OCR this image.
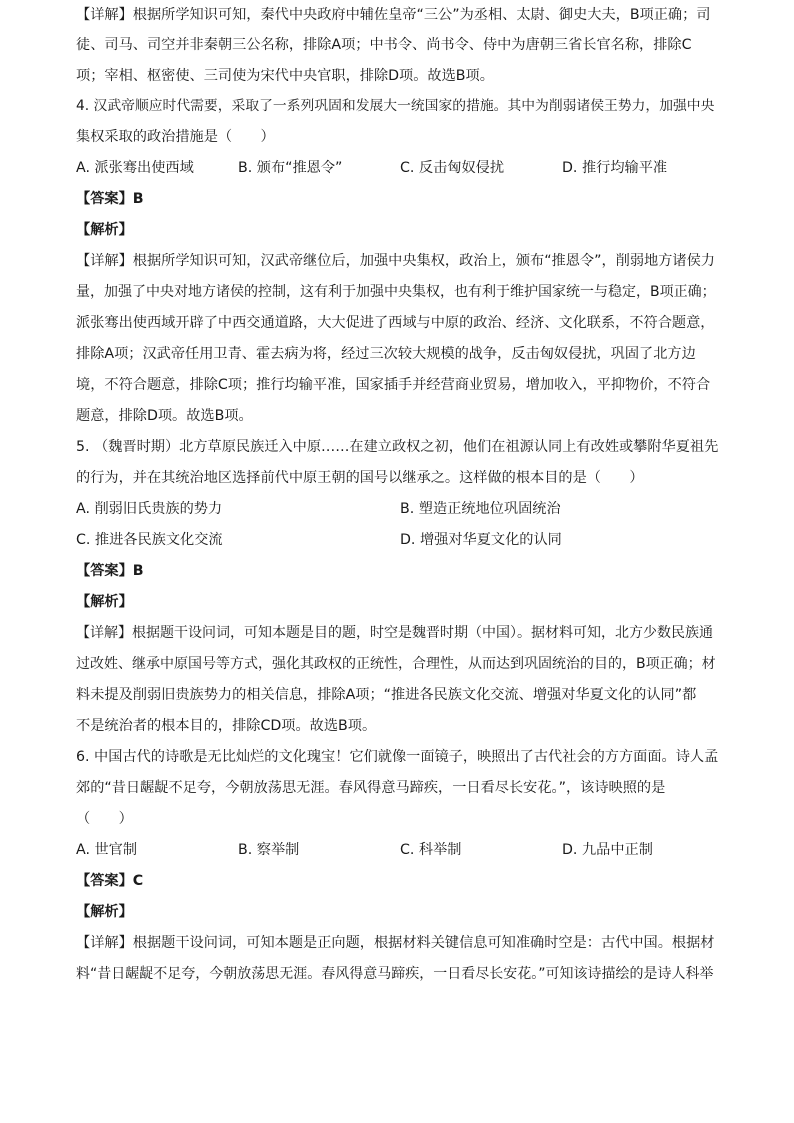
【详解】根据所学知识可知，秦代中央政府中辅佐皇帝“三公”为丞相、太尉、御史大夫，B项正确；司
徒、司马、司空并非秦朝三公名称，排除A项；中书令、尚书令、侍中为唐朝三省长官名称，排除C
项；宰相、枢密使、三司使为宋代中央官职，排除D项。故选B项。
4. 汉武帝顺应时代需要，采取了一系列巩固和发展大一统国家的措施。其中为削弱诸侯王势力，加强中央
集权采取的政治措施是（　　）
A. 派张骞出使西域	B. 颁布“推恩令”	C. 反击匈奴侵扰	D. 推行均输平准
【答案】B
【解析】
【详解】根据所学知识可知，汉武帝继位后，加强中央集权，政治上，颁布“推恩令”，削弱地方诸侯力
量，加强了中央对地方诸侯的控制，这有利于加强中央集权，也有利于维护国家统一与稳定，B项正确；
派张骞出使西域开辟了中西交通道路，大大促进了西域与中原的政治、经济、文化联系，不符合题意，
排除A项；汉武帝任用卫青、霍去病为将，经过三次较大规模的战争，反击匈奴侵扰，巩固了北方边
境，不符合题意，排除C项；推行均输平准，国家插手并经营商业贸易，增加收入，平抑物价，不符合
题意，排除D项。故选B项。
5. （魏晋时期）北方草原民族迁入中原……在建立政权之初，他们在祖源认同上有改姓或攀附华夏祖先
的行为，并在其统治地区选择前代中原王朝的国号以继承之。这样做的根本目的是（　　）
A. 削弱旧氏贵族的势力	B. 塑造正统地位巩固统治
C. 推进各民族文化交流	D. 增强对华夏文化的认同
【答案】B
【解析】
【详解】根据题干设问词，可知本题是目的题，时空是魏晋时期（中国）。据材料可知，北方少数民族通
过改姓、继承中原国号等方式，强化其政权的正统性，合理性，从而达到巩固统治的目的，B项正确；材
料未提及削弱旧贵族势力的相关信息，排除A项；“推进各民族文化交流、增强对华夏文化的认同”都
不是统治者的根本目的，排除CD项。故选B项。
6. 中国古代的诗歌是无比灿烂的文化瑰宝！它们就像一面镜子，映照出了古代社会的方方面面。诗人孟
郊的“昔日龌龊不足夸，今朝放荡思无涯。春风得意马蹄疾，一日看尽长安花。”，该诗映照的是
（　　）
A. 世官制	B. 察举制	C. 科举制	D. 九品中正制
【答案】C
【解析】
【详解】根据题干设问词，可知本题是正向题，根据材料关键信息可知准确时空是：古代中国。根据材
料“昔日龌龊不足夸，今朝放荡思无涯。春风得意马蹄疾，一日看尽长安花。”可知该诗描绘的是诗人科举
